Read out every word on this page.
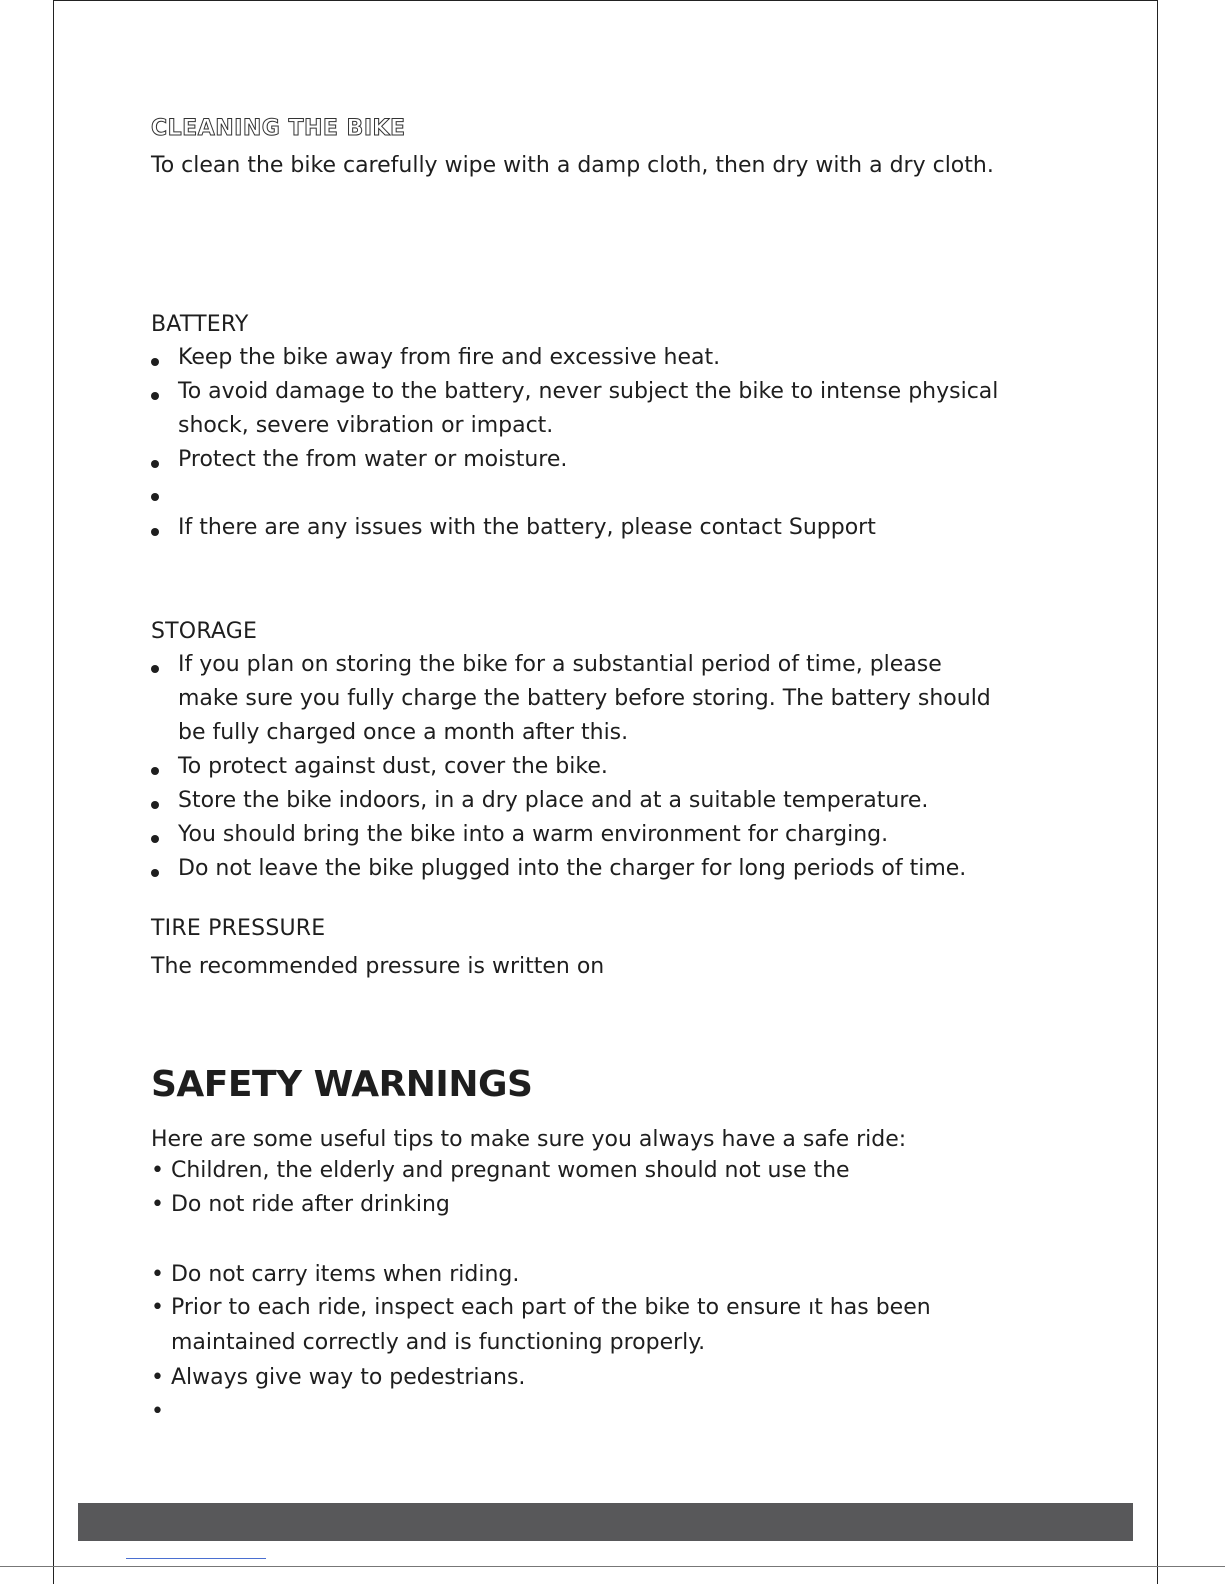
CLEANING THE BIKE
To clean the bike carefully wipe with a damp cloth, then dry with a dry cloth.
BATTERY
Keep the bike away from fire and excessive heat.
To avoid damage to the battery, never subject the bike to intense physical
shock, severe vibration or impact.
Protect the from water or moisture.
If there are any issues with the battery, please contact Support
STORAGE
If you plan on storing the bike for a substantial period of time, please
make sure you fully charge the battery before storing. The battery should
be fully charged once a month after this.
To protect against dust, cover the bike.
Store the bike indoors, in a dry place and at a suitable temperature.
You should bring the bike into a warm environment for charging.
Do not leave the bike plugged into the charger for long periods of time.
TIRE PRESSURE
The recommended pressure is written on
SAFETY WARNINGS
Here are some useful tips to make sure you always have a safe ride:
• Children, the elderly and pregnant women should not use the
• Do not ride after drinking
• Do not carry items when riding.
• Prior to each ride, inspect each part of the bike to ensure ıt has been
maintained correctly and is functioning properly.
• Always give way to pedestrians.
•
